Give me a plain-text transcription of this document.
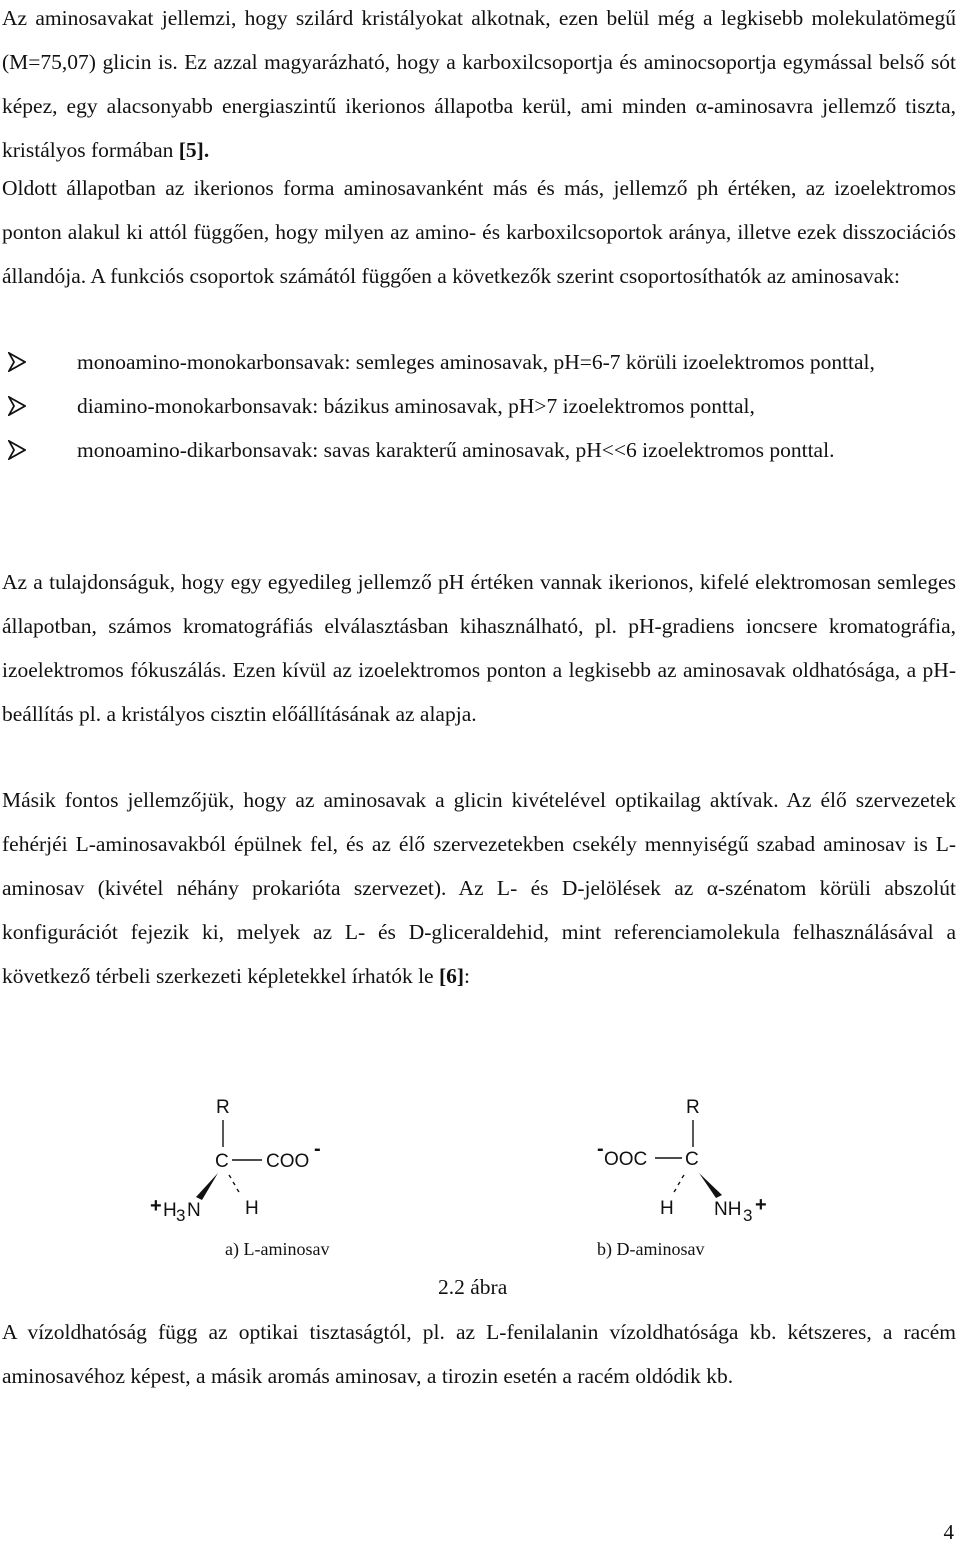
Az aminosavakat jellemzi, hogy szilárd kristályokat alkotnak, ezen belül még a legkisebb molekulatömegű (M=75,07) glicin is. Ez azzal magyarázható, hogy a karboxilcsoportja és aminocsoportja egymással belső sót képez, egy alacsonyabb energiaszintű ikerionos állapotba kerül, ami minden α-aminosavra jellemző tiszta, kristályos formában [5].

Oldott állapotban az ikerionos forma aminosavanként más és más, jellemző ph értéken, az izoelektromos ponton alakul ki attól függően, hogy milyen az amino- és karboxilcsoportok aránya, illetve ezek disszociációs állandója. A funkciós csoportok számától függően a következők szerint csoportosíthatók az aminosavak:

monoamino-monokarbonsavak: semleges aminosavak, pH=6-7 körüli izoelektromos ponttal,
diamino-monokarbonsavak: bázikus aminosavak, pH>7 izoelektromos ponttal,
monoamino-dikarbonsavak: savas karakterű aminosavak, pH<<6 izoelektromos ponttal.

Az a tulajdonságuk, hogy egy egyedileg jellemző pH értéken vannak ikerionos, kifelé elektromosan semleges állapotban, számos kromatográfiás elválasztásban kihasználható, pl. pH-gradiens ioncsere kromatográfia, izoelektromos fókuszálás. Ezen kívül az izoelektromos ponton a legkisebb az aminosavak oldhatósága, a pH-beállítás pl. a kristályos cisztin előállításának az alapja.

Másik fontos jellemzőjük, hogy az aminosavak a glicin kivételével optikailag aktívak. Az élő szervezetek fehérjéi L-aminosavakból épülnek fel, és az élő szervezetekben csekély mennyiségű szabad aminosav is L-aminosav (kivétel néhány prokarióta szervezet). Az L- és D-jelölések az α-szénatom körüli abszolút konfigurációt fejezik ki, melyek az L- és D-gliceraldehid, mint referenciamolekula felhasználásával a következő térbeli szerkezeti képletekkel írhatók le [6]:

R
C COO
-
+ H 3 N H
R
- OOC C
H NH 3 +
a) L-aminosav	b) D-aminosav
2.2 ábra

A vízoldhatóság függ az optikai tisztaságtól, pl. az L-fenilalanin vízoldhatósága kb. kétszeres, a racém aminosavéhoz képest, a másik aromás aminosav, a tirozin esetén a racém oldódik kb.

4
